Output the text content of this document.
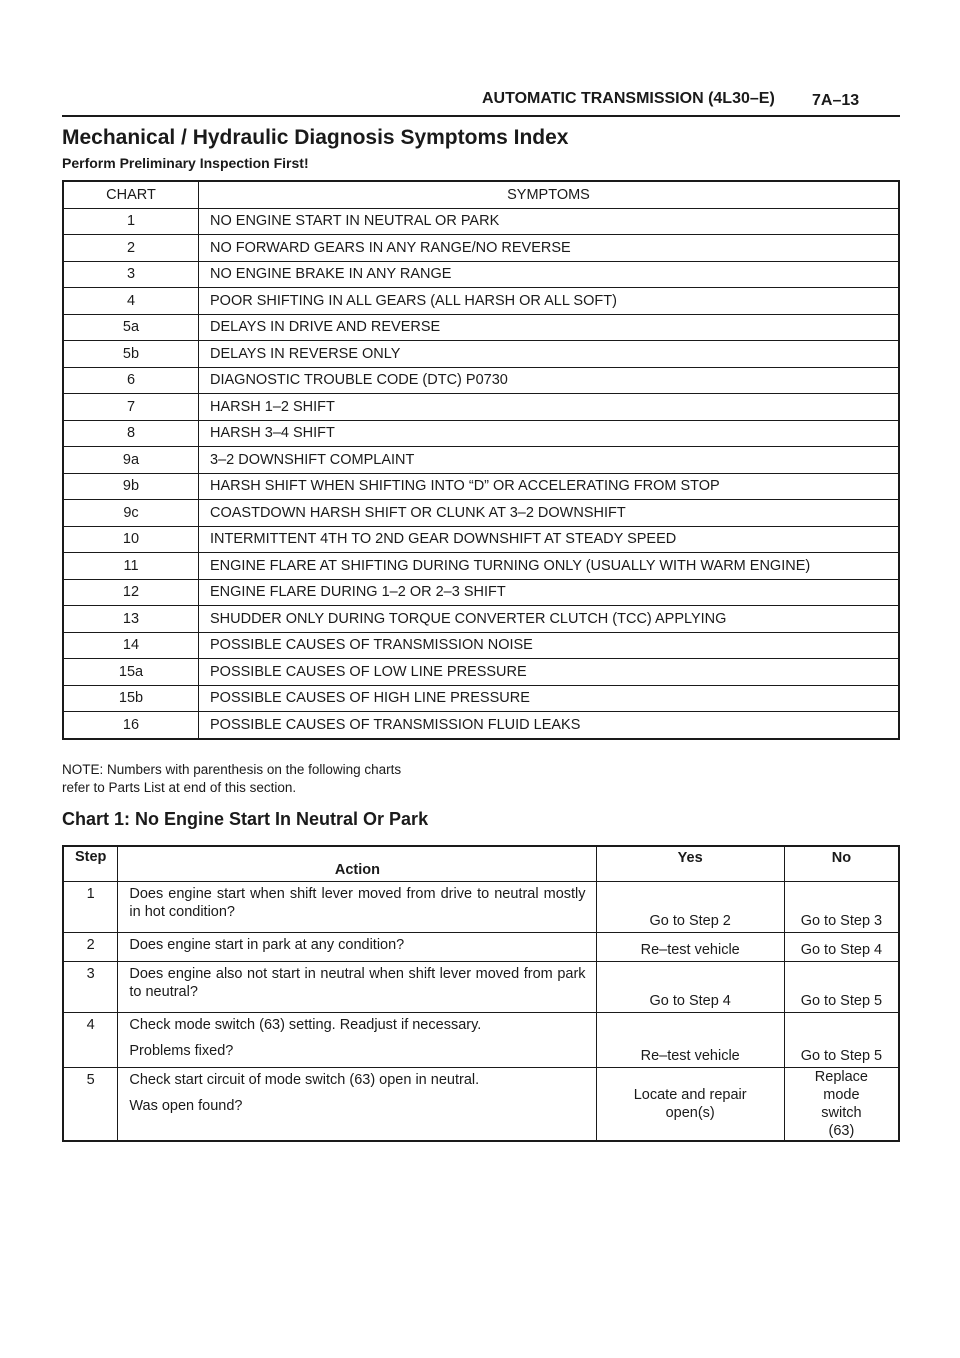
AUTOMATIC TRANSMISSION (4L30–E) 7A–13
Mechanical / Hydraulic Diagnosis Symptoms Index
Perform Preliminary Inspection First!
CHART	SYMPTOMS
1	NO ENGINE START IN NEUTRAL OR PARK
2	NO FORWARD GEARS IN ANY RANGE/NO REVERSE
3	NO ENGINE BRAKE IN ANY RANGE
4	POOR SHIFTING IN ALL GEARS (ALL HARSH OR ALL SOFT)
5a	DELAYS IN DRIVE AND REVERSE
5b	DELAYS IN REVERSE ONLY
6	DIAGNOSTIC TROUBLE CODE (DTC) P0730
7	HARSH 1–2 SHIFT
8	HARSH 3–4 SHIFT
9a	3–2 DOWNSHIFT COMPLAINT
9b	HARSH SHIFT WHEN SHIFTING INTO “D” OR ACCELERATING FROM STOP
9c	COASTDOWN HARSH SHIFT OR CLUNK AT 3–2 DOWNSHIFT
10	INTERMITTENT 4TH TO 2ND GEAR DOWNSHIFT AT STEADY SPEED
11	ENGINE FLARE AT SHIFTING DURING TURNING ONLY (USUALLY WITH WARM ENGINE)
12	ENGINE FLARE DURING 1–2 OR 2–3 SHIFT
13	SHUDDER ONLY DURING TORQUE CONVERTER CLUTCH (TCC) APPLYING
14	POSSIBLE CAUSES OF TRANSMISSION NOISE
15a	POSSIBLE CAUSES OF LOW LINE PRESSURE
15b	POSSIBLE CAUSES OF HIGH LINE PRESSURE
16	POSSIBLE CAUSES OF TRANSMISSION FLUID LEAKS
NOTE: Numbers with parenthesis on the following charts
refer to Parts List at end of this section.
Chart 1: No Engine Start In Neutral Or Park
Step	Action	Yes	No
1	Does engine start when shift lever moved from drive to neutral mostly in hot condition?	Go to Step 2	Go to Step 3
2	Does engine start in park at any condition?	Re–test vehicle	Go to Step 4
3	Does engine also not start in neutral when shift lever moved from park to neutral?	Go to Step 4	Go to Step 5
4	Check mode switch (63) setting. Readjust if necessary.
Problems fixed?	Re–test vehicle	Go to Step 5
5	Check start circuit of mode switch (63) open in neutral.
Was open found?	Locate and repair open(s)	Replace mode switch (63)
